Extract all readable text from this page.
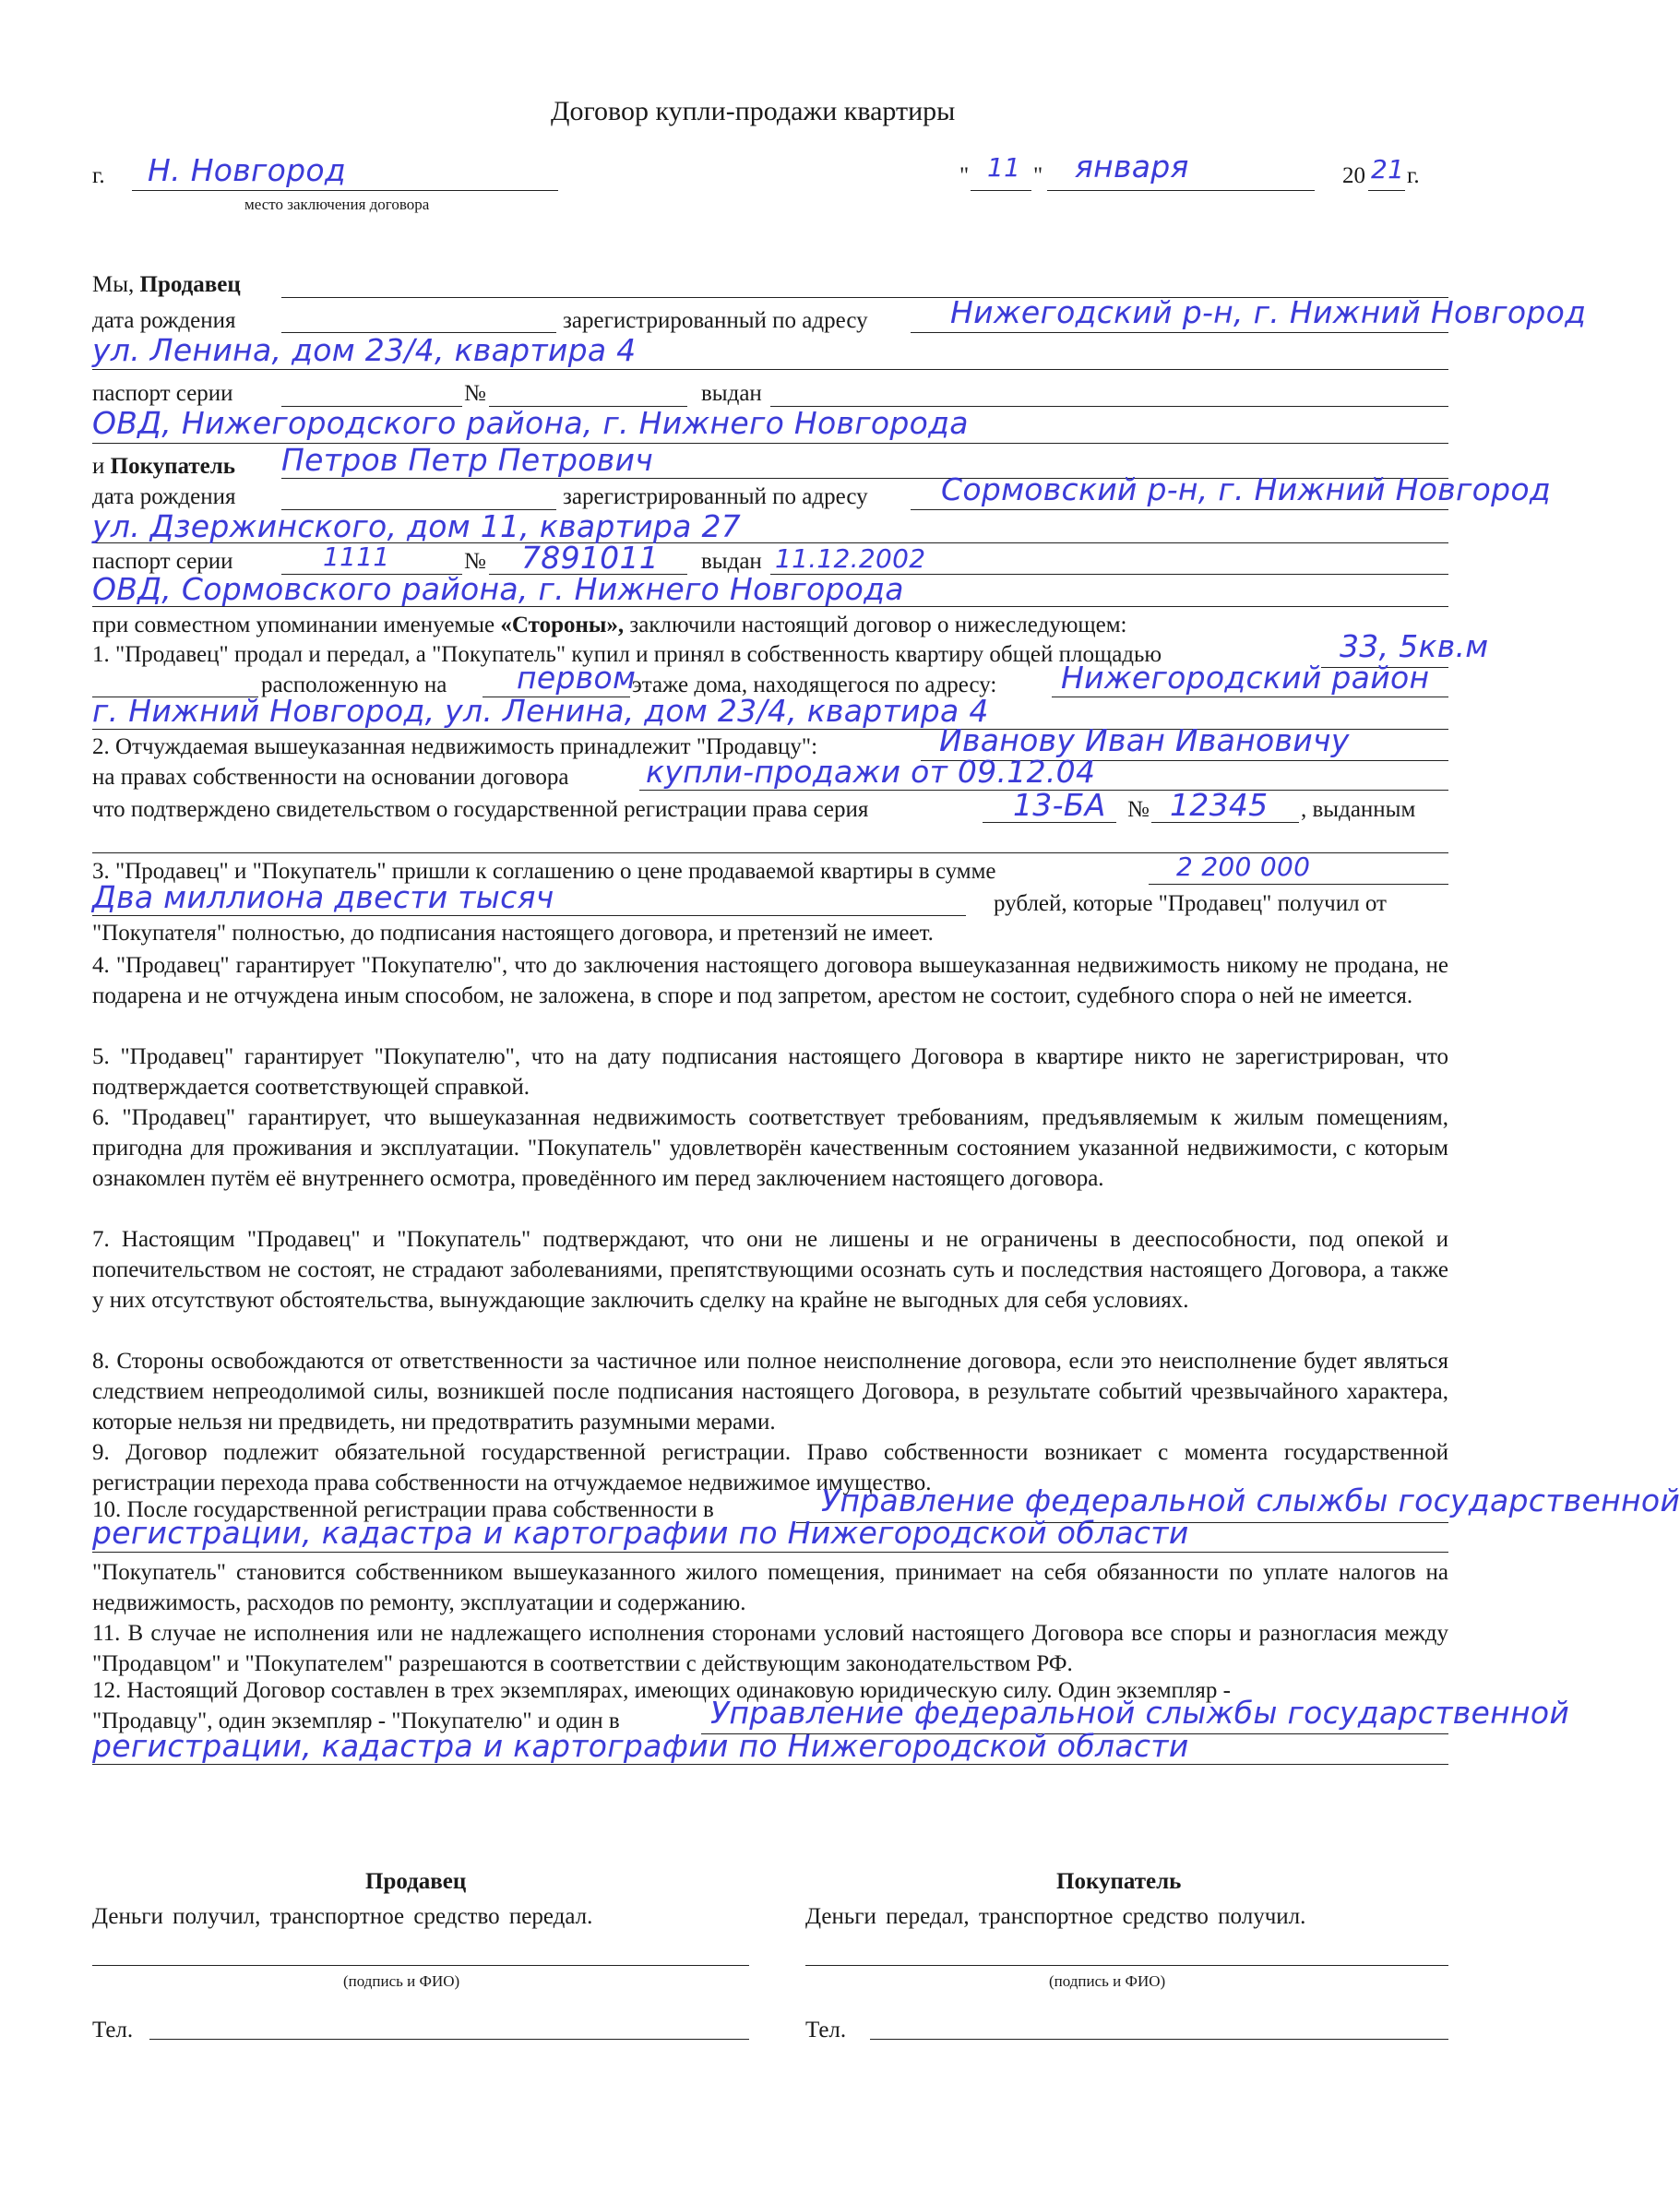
Договор купли-продажи квартиры
г. Н. Новгород
место заключения договора
" 11 " января	20 21 г.
Мы, Продавец
дата рождения	зарегистрированный по адресу	Нижегодский р-н, г. Нижний Новгород
ул. Ленина, дом 23/4, квартира 4
паспорт серии	№	выдан
ОВД, Нижегородского района, г. Нижнего Новгорода
и Покупатель Петров Петр Петрович
дата рождения	зарегистрированный по адресу Сормовский р-н, г. Нижний Новгород
ул. Дзержинского, дом 11, квартира 27
паспорт серии	1111	№ 7891011 выдан 11.12.2002
ОВД, Сормовского района, г. Нижнего Новгорода
при совместном упоминании именуемые «Стороны», заключили настоящий договор о нижеследующем:
1. "Продавец" продал и передал, а "Покупатель" купил и принял в собственность квартиру общей площадью	33, 5кв.м
расположенную на первом
этаже дома, находящегося по адресу: Нижегородский район
г. Нижний Новгород, ул. Ленина, дом 23/4, квартира 4
2. Отчуждаемая вышеуказанная недвижимость принадлежит "Продавцу":	Иванову Иван Ивановичу
на правах собственности на основании договора	купли-продажи от 09.12.04
что подтверждено свидетельством о государственной регистрации права серия	13-БА № 12345 , выданным
3. "Продавец" и "Покупатель" пришли к соглашению о цене продаваемой квартиры в сумме	2 200 000
Два миллиона двести тысяч	рублей, которые "Продавец" получил от
"Покупателя" полностью, до подписания настоящего договора, и претензий не имеет.
4. "Продавец" гарантирует "Покупателю", что до заключения настоящего договора вышеуказанная недвижимость никому не продана, не подарена и не отчуждена иным способом, не заложена, в споре и под запретом, арестом не состоит, судебного спора о ней не имеется.
5. "Продавец" гарантирует "Покупателю", что на дату подписания настоящего Договора в квартире никто не зарегистрирован, что подтверждается соответствующей справкой.
6. "Продавец" гарантирует, что вышеуказанная недвижимость соответствует требованиям, предъявляемым к жилым помещениям, пригодна для проживания и эксплуатации. "Покупатель" удовлетворён качественным состоянием указанной недвижимости, с которым ознакомлен путём её внутреннего осмотра, проведённого им перед заключением настоящего договора.
7. Настоящим "Продавец" и "Покупатель" подтверждают, что они не лишены и не ограничены в дееспособности, под опекой и попечительством не состоят, не страдают заболеваниями, препятствующими осознать суть и последствия настоящего Договора, а также у них отсутствуют обстоятельства, вынуждающие заключить сделку на крайне не выгодных для себя условиях.
8. Стороны освобождаются от ответственности за частичное или полное неисполнение договора, если это неисполнение будет являться следствием непреодолимой силы, возникшей после подписания настоящего Договора, в результате событий чрезвычайного характера, которые нельзя ни предвидеть, ни предотвратить разумными мерами.
9. Договор подлежит обязательной государственной регистрации. Право собственности возникает с момента государственной регистрации перехода права собственности на отчуждаемое недвижимое имущество.
10. После государственной регистрации права собственности в	Управление федеральной слыжбы государственной
регистрации, кадастра и картографии по Нижегородской области
"Покупатель" становится собственником вышеуказанного жилого помещения, принимает на себя обязанности по уплате налогов на недвижимость, расходов по ремонту, эксплуатации и содержанию.
11. В случае не исполнения или не надлежащего исполнения сторонами условий настоящего Договора все споры и разногласия между "Продавцом" и "Покупателем" разрешаются в соответствии с действующим законодательством РФ.
12. Настоящий Договор составлен в трех экземплярах, имеющих одинаковую юридическую силу. Один экземпляр -
"Продавцу", один экземпляр - "Покупателю" и один в	Управление федеральной слыжбы государственной
регистрации, кадастра и картографии по Нижегородской области
Продавец
Деньги получил, транспортное средство передал.
(подпись и ФИО)
Тел.
Покупатель
Деньги передал, транспортное средство получил.
(подпись и ФИО)
Тел.
